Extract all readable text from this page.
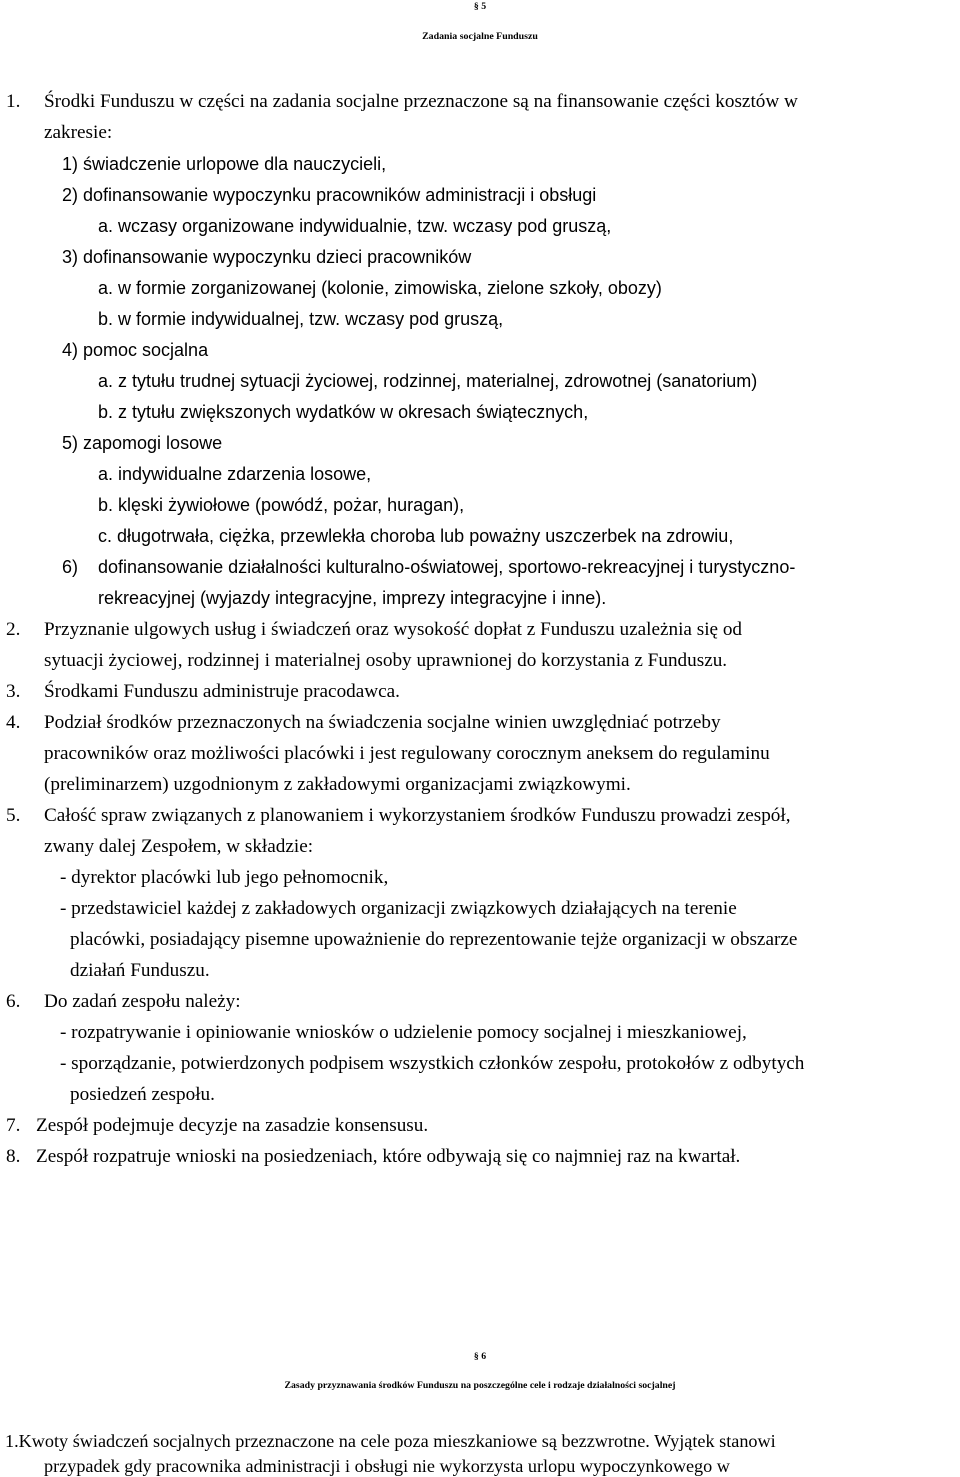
§ 5
Zadania socjalne Funduszu
1. Środki Funduszu w części na zadania socjalne przeznaczone są na finansowanie części kosztów w
zakresie:
1) świadczenie urlopowe dla nauczycieli,
2) dofinansowanie wypoczynku pracowników administracji i obsługi
a. wczasy organizowane indywidualnie, tzw. wczasy pod gruszą,
3) dofinansowanie wypoczynku dzieci pracowników
a. w formie zorganizowanej (kolonie, zimowiska, zielone szkoły, obozy)
b. w formie indywidualnej, tzw. wczasy pod gruszą,
4) pomoc socjalna
a. z tytułu trudnej sytuacji życiowej, rodzinnej, materialnej, zdrowotnej (sanatorium)
b. z tytułu zwiększonych wydatków w okresach świątecznych,
5) zapomogi losowe
a. indywidualne zdarzenia losowe,
b. klęski żywiołowe (powódź, pożar, huragan),
c. długotrwała, ciężka, przewlekła choroba lub poważny uszczerbek na zdrowiu,
6) dofinansowanie działalności kulturalno-oświatowej, sportowo-rekreacyjnej i turystyczno-
rekreacyjnej (wyjazdy integracyjne, imprezy integracyjne i inne).
2. Przyznanie ulgowych usług i świadczeń oraz wysokość dopłat z Funduszu uzależnia się od
sytuacji życiowej, rodzinnej i materialnej osoby uprawnionej do korzystania z Funduszu.
3. Środkami Funduszu administruje pracodawca.
4. Podział środków przeznaczonych na świadczenia socjalne winien uwzględniać potrzeby
pracowników oraz możliwości placówki i jest regulowany corocznym aneksem do regulaminu
(preliminarzem) uzgodnionym z zakładowymi organizacjami związkowymi.
5. Całość spraw związanych z planowaniem i wykorzystaniem środków Funduszu prowadzi zespół,
zwany dalej Zespołem, w składzie:
- dyrektor placówki lub jego pełnomocnik,
- przedstawiciel każdej z zakładowych organizacji związkowych działających na terenie
placówki, posiadający pisemne upoważnienie do reprezentowanie tejże organizacji w obszarze
działań Funduszu.
6. Do zadań zespołu należy:
- rozpatrywanie i opiniowanie wniosków o udzielenie pomocy socjalnej i mieszkaniowej,
- sporządzanie, potwierdzonych podpisem wszystkich członków zespołu, protokołów z odbytych
posiedzeń zespołu.
7. Zespół podejmuje decyzje na zasadzie konsensusu.
8. Zespół rozpatruje wnioski na posiedzeniach, które odbywają się co najmniej raz na kwartał.
§ 6
Zasady przyznawania środków Funduszu na poszczególne cele i rodzaje działalności socjalnej
1.Kwoty świadczeń socjalnych przeznaczone na cele poza mieszkaniowe są bezzwrotne. Wyjątek stanowi
przypadek gdy pracownika administracji i obsługi nie wykorzysta urlopu wypoczynkowego w
